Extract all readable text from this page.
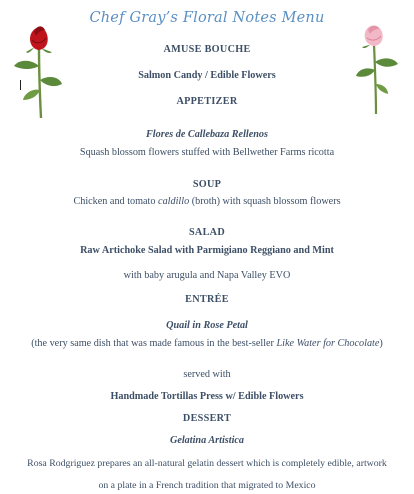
Chef Gray’s Floral Notes Menu
AMUSE BOUCHE
Salmon Candy / Edible Flowers
APPETIZER
Flores de Callebaza Rellenos
Squash blossom flowers stuffed with Bellwether Farms ricotta
SOUP
Chicken and tomato caldillo (broth) with squash blossom flowers
SALAD
Raw Artichoke Salad with Parmigiano Reggiano and Mint
with baby arugula and Napa Valley EVO
ENTRÉE
Quail in Rose Petal
(the very same dish that was made famous in the best-seller Like Water for Chocolate)
served with
Handmade Tortillas Press w/ Edible Flowers
DESSERT
Gelatina Artistica
Rosa Rodgriguez prepares an all-natural gelatin dessert which is completely edible, artwork
on a plate in a French tradition that migrated to Mexico
